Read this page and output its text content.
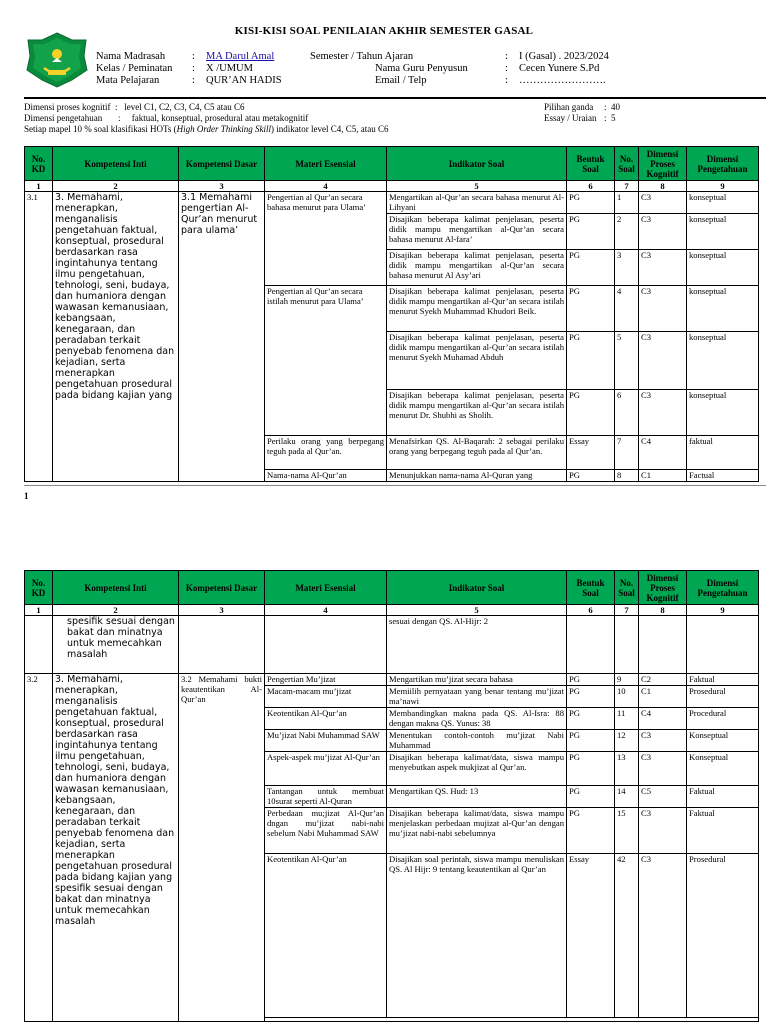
KISI-KISI SOAL PENILAIAN AKHIR SEMESTER GASAL
Nama Madrasah	:	MA Darul Amal
Kelas / Peminatan	:	X /UMUM
Mata Pelajaran	:	QUR’AN HADIS
Semester / Tahun Ajaran
Nama Guru Penyusun
Email / Telp
:	I (Gasal) . 2023/2024
:	Cecen Yunere S.Pd
:	…………………….
Dimensi proses kognitif  :   level C1, C2, C3, C4, C5 atau C6
Dimensi pengetahuan       :     faktual, konseptual, prosedural atau metakognitif
Setiap mapel 10 % soal klasifikasi HOTs (High Order Thinking Skill) indikator level C4, C5, atau C6
Pilihan ganda :  40
Essay / Uraian :  5
No. KD	Kompetensi Inti	Kompetensi Dasar	Materi Esensial	Indikator Soal	Bentuk Soal	No. Soal	Dimensi Proses Kognitif	Dimensi Pengetahuan
1	2	3	4	5	6	7	8	9
3.1	3. Memahami, menerapkan, menganalisis pengetahuan faktual, konseptual, prosedural berdasarkan rasa ingintahunya tentang ilmu pengetahuan, tehnologi, seni, budaya, dan humaniora dengan wawasan kemanusiaan, kebangsaan, kenegaraan, dan peradaban terkait penyebab fenomena dan kejadian, serta menerapkan pengetahuan prosedural pada bidang kajian yang	3.1 Memahami pengertian Al-Qur’an menurut para ulama’	Pengertian al Qur’an secara bahasa menurut para Ulama’	Mengartikan al-Qur’an secara bahasa menurut Al-Lihyani	PG	1	C3	konseptual
				Disajikan beberapa kalimat penjelasan, peserta didik mampu mengartikan al-Qur’an secara bahasa menurut Al-fara’	PG	2	C3	konseptual
				Disajikan beberapa kalimat penjelasan, peserta didik mampu mengartikan al-Qur’an secara bahasa menurut Al Asy’ari	PG	3	C3	konseptual
			Pengertian al Qur’an secara istilah menurut para Ulama’	Disajikan beberapa kalimat penjelasan, peserta didik mampu mengartikan al-Qur’an secara istilah menurut Syekh Muhammad Khudori Beik.	PG	4	C3	konseptual
				Disajikan beberapa kalimat penjelasan, peserta didik mampu mengartikan al-Qur’an secara istilah menurut Syekh Muhamad Abduh	PG	5	C3	konseptual
				Disajikan beberapa kalimat penjelasan, peserta didik mampu mengartikan al-Qur’an secara istilah menurut Dr. Shubhi as Sholih.	PG	6	C3	konseptual
			Perilaku orang yang berpegang teguh pada al Qur’an.	Menafsirkan QS. Al-Baqarah: 2 sebagai perilaku orang yang berpegang teguh pada al Qur’an.	Essay	7	C4	faktual
			Nama-nama Al-Qur’an	Menunjukkan nama-nama Al-Quran yang	PG	8	C1	Factual
1
No. KD	Kompetensi Inti	Kompetensi Dasar	Materi Esensial	Indikator Soal	Bentuk Soal	No. Soal	Dimensi Proses Kognitif	Dimensi Pengetahuan
1	2	3	4	5	6	7	8	9
	spesifik sesuai dengan bakat dan minatnya untuk memecahkan masalah			sesuai dengan QS. Al-Hijr: 2				
3.2	3. Memahami, menerapkan, menganalisis pengetahuan faktual, konseptual, prosedural berdasarkan rasa ingintahunya tentang ilmu pengetahuan, tehnologi, seni, budaya, dan humaniora dengan wawasan kemanusiaan, kebangsaan, kenegaraan, dan peradaban terkait penyebab fenomena dan kejadian, serta menerapkan pengetahuan prosedural pada bidang kajian yang spesifik sesuai dengan bakat dan minatnya untuk memecahkan masalah	3.2 Memahami bukti keautentikan Al-Qur’an	Pengertian Mu’jizat	Mengartikan mu’jizat secara bahasa	PG	9	C2	Faktual
			Macam-macam mu’jizat	Memiilih pernyataan yang benar tentang mu’jizat ma’nawi	PG	10	C1	Prosedural
			Keotentikan Al-Qur’an	Membandingkan makna pada QS. Al-Isra: 88 dengan makna QS. Yunus: 38	PG	11	C4	Procedural
			Mu’jizat Nabi Muhammad SAW	Menentukan contoh-contoh mu’jizat Nabi Muhammad	PG	12	C3	Konseptual
			Aspek-aspek mu’jizat Al-Qur’an	Disajikan beberapa kalimat/data, siswa mampu menyebutkan aspek mukjizat al Qur’an.	PG	13	C3	Konseptual
			Tantangan untuk membuat 10surat seperti Al-Quran	Mengartikan QS. Hud: 13	PG	14	C5	Faktual
			Perbedaan mu;jizat Al-Qur’an dngan mu’jizat nabi-nabi sebelum Nabi Muhammad SAW	Disajikan beberapa kalimat/data, siswa mampu menjelaskan perbedaan mujizat al-Qur’an dengan mu’jizat nabi-nabi sebelumnya	PG	15	C3	Faktual
			Keotentikan Al-Qur’an	Disajikan soal perintah, siswa mampu menuliskan QS. Al Hijr: 9 tentang keautentikan al Qur’an	Essay	42	C3	Prosedural
